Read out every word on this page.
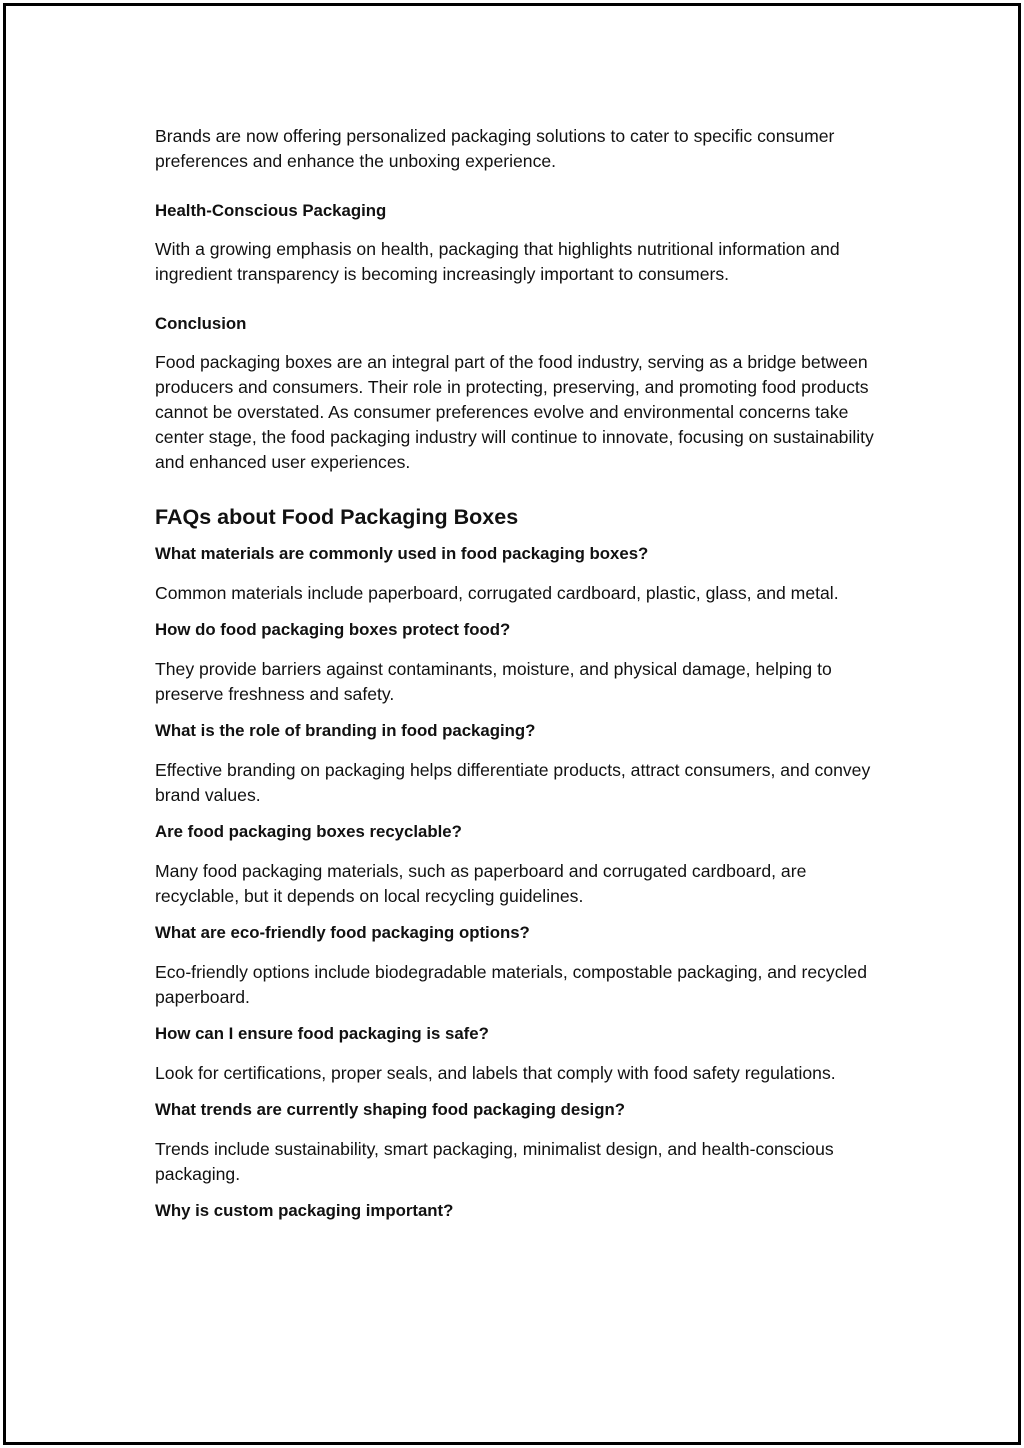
Brands are now offering personalized packaging solutions to cater to specific consumer preferences and enhance the unboxing experience.

Health-Conscious Packaging

With a growing emphasis on health, packaging that highlights nutritional information and ingredient transparency is becoming increasingly important to consumers.

Conclusion

Food packaging boxes are an integral part of the food industry, serving as a bridge between producers and consumers. Their role in protecting, preserving, and promoting food products cannot be overstated. As consumer preferences evolve and environmental concerns take center stage, the food packaging industry will continue to innovate, focusing on sustainability and enhanced user experiences.

FAQs about Food Packaging Boxes

What materials are commonly used in food packaging boxes?

Common materials include paperboard, corrugated cardboard, plastic, glass, and metal.

How do food packaging boxes protect food?

They provide barriers against contaminants, moisture, and physical damage, helping to preserve freshness and safety.

What is the role of branding in food packaging?

Effective branding on packaging helps differentiate products, attract consumers, and convey brand values.

Are food packaging boxes recyclable?

Many food packaging materials, such as paperboard and corrugated cardboard, are recyclable, but it depends on local recycling guidelines.

What are eco-friendly food packaging options?

Eco-friendly options include biodegradable materials, compostable packaging, and recycled paperboard.

How can I ensure food packaging is safe?

Look for certifications, proper seals, and labels that comply with food safety regulations.

What trends are currently shaping food packaging design?

Trends include sustainability, smart packaging, minimalist design, and health-conscious packaging.

Why is custom packaging important?
